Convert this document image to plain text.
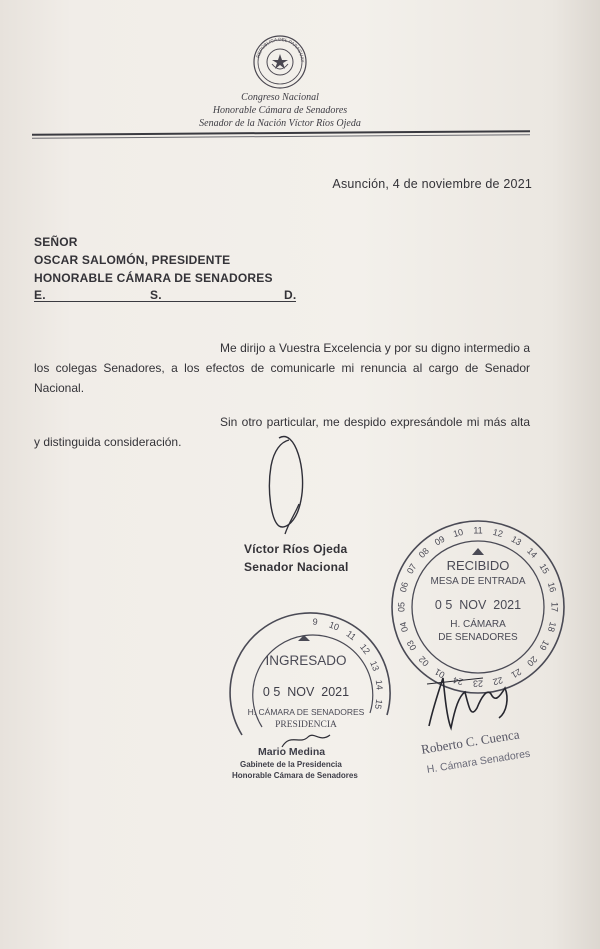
REPÚBLICA DEL PARAGUAY
Congreso Nacional
Honorable Cámara de Senadores
Senador de la Nación Víctor Ríos Ojeda
Asunción, 4 de noviembre de 2021
SEÑOR
OSCAR SALOMÓN, PRESIDENTE
HONORABLE CÁMARA DE SENADORES
E.	S.	D.
Me dirijo a Vuestra Excelencia y por su digno intermedio a los colegas Senadores, a los efectos de comunicarle mi renuncia al cargo de Senador Nacional.
Sin otro particular, me despido expresándole mi más alta y distinguida consideración.
Víctor Ríos Ojeda
Senador Nacional
01
02
03
04
05
06
07
08
09
10 11 12
13
14
15
16
17
18
19
20
21
22
23
24
RECIBIDO
MESA DE ENTRADA
0 5  NOV  2021
H. CÁMARA
DE SENADORES
Roberto C. Cuenca
H. Cámara Senadores
9 10
11
12
13
14
15
INGRESADO
0 5  NOV  2021
H. CÁMARA DE SENADORES
PRESIDENCIA
Mario Medina
Gabinete de la Presidencia
Honorable Cámara de Senadores
